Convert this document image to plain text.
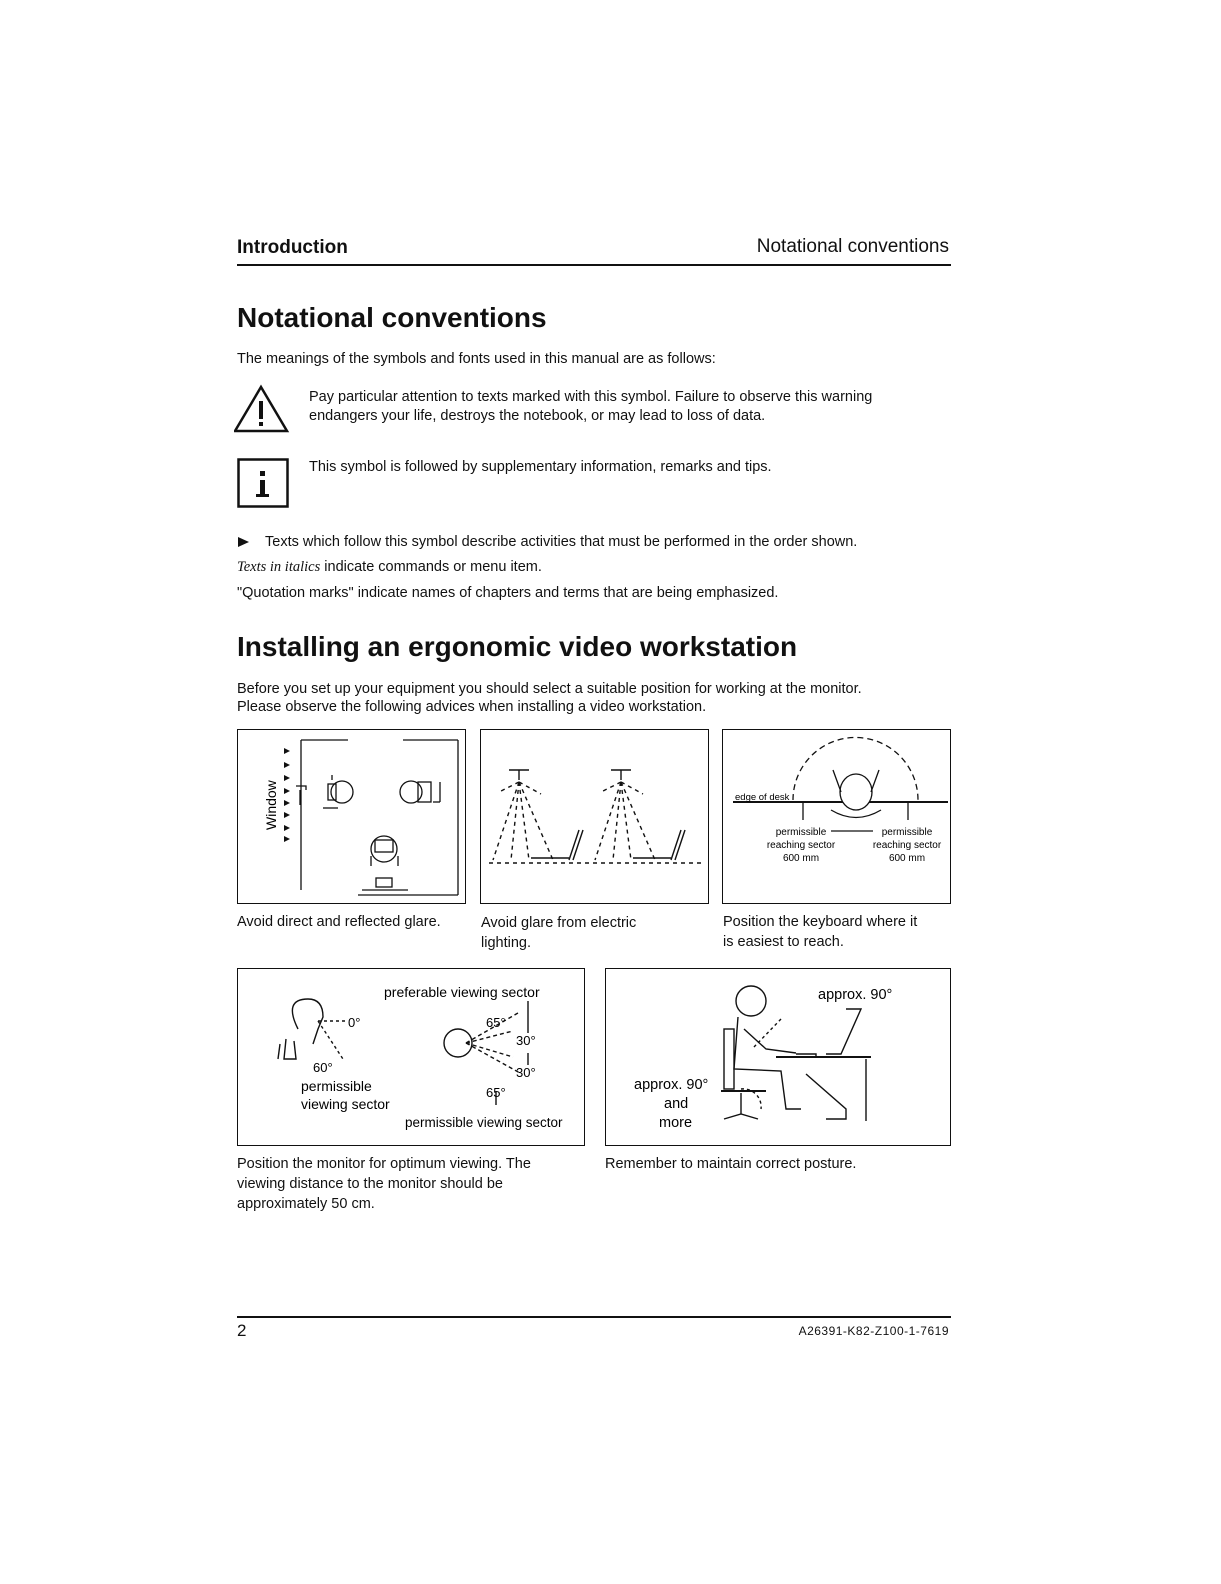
Introduction	Notational conventions
Notational conventions

The meanings of the symbols and fonts used in this manual are as follows:

Pay particular attention to texts marked with this symbol. Failure to observe this warning

endangers your life, destroys the notebook, or may lead to loss of data.

This symbol is followed by supplementary information, remarks and tips.

Texts which follow this symbol describe activities that must be performed in the order shown.

Texts in italics indicate commands or menu item.

"Quotation marks" indicate names of chapters and terms that are being emphasized.

Installing an ergonomic video workstation

Before you set up your equipment you should select a suitable position for working at the monitor.

Please observe the following advices when installing a video workstation.

Window
Avoid direct and reflected glare.	Avoid glare from electric
lighting.
edge of desk
permissible
reaching sector
600 mm
permissible
reaching sector
600 mm
Position the keyboard where it
is easiest to reach.
preferable viewing sector
0°
60°
permissible
viewing sector
65°
30°
30°
65°
permissible viewing sector
Position the monitor for optimum viewing. The
viewing distance to the monitor should be
approximately 50 cm.
approx. 90°
approx. 90°
and
more
Remember to maintain correct posture.
2	A26391-K82-Z100-1-7619
